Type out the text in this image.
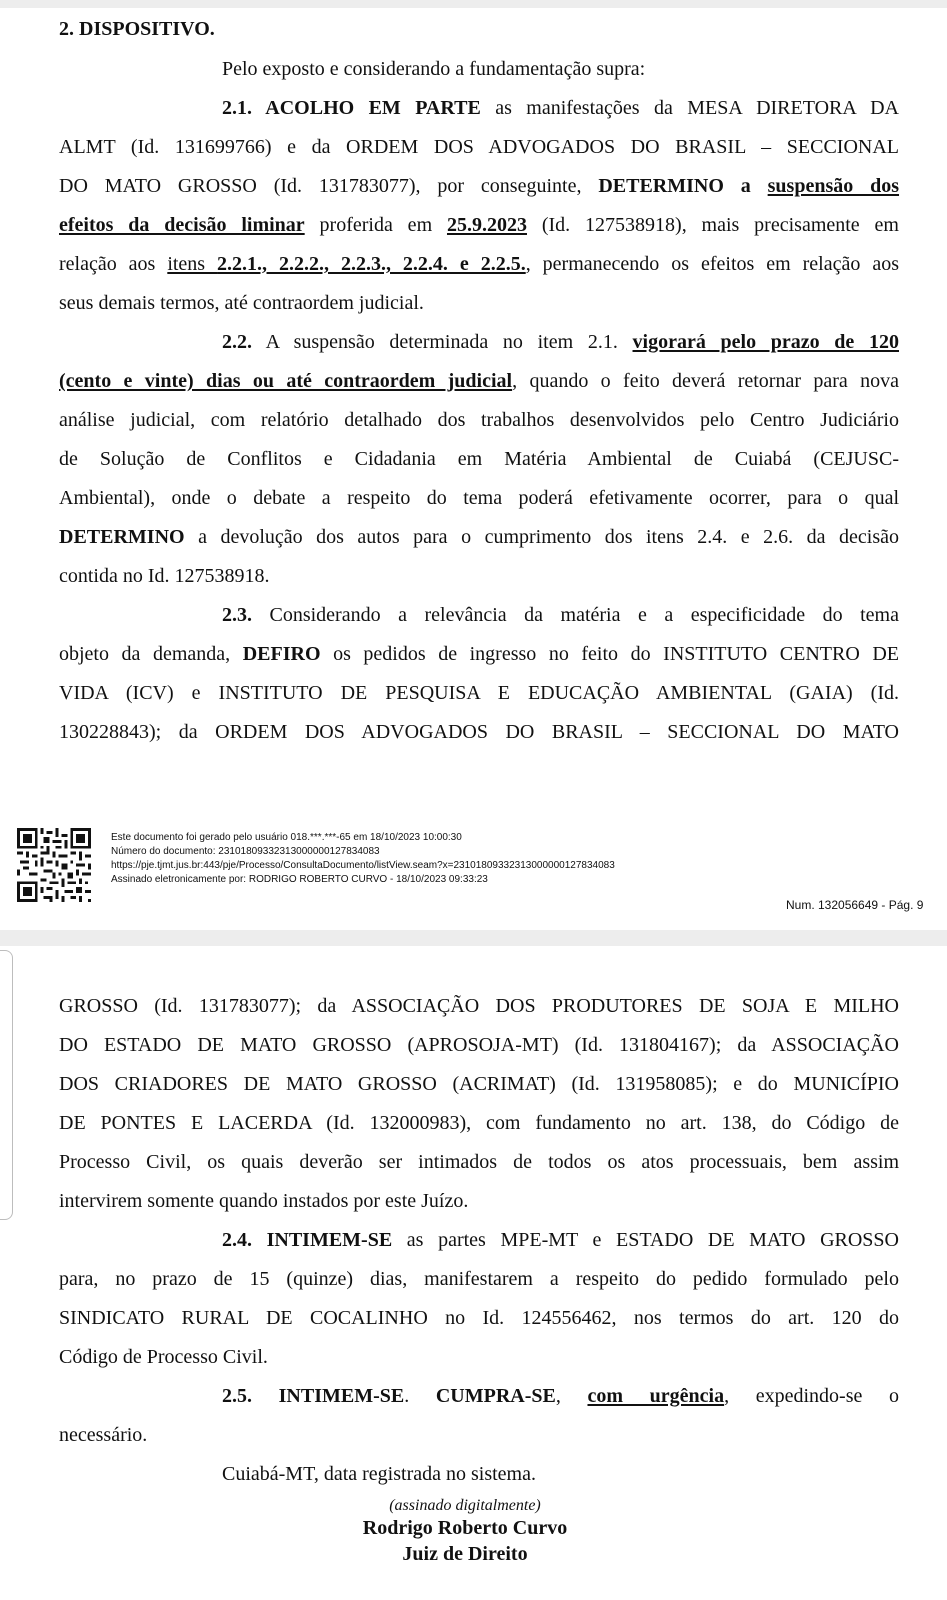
2. DISPOSITIVO.
Pelo exposto e considerando a fundamentação supra:
2.1. ACOLHO EM PARTE as manifestações da MESA DIRETORA DA
ALMT (Id. 131699766) e da ORDEM DOS ADVOGADOS DO BRASIL – SECCIONAL
DO MATO GROSSO (Id. 131783077), por conseguinte, DETERMINO a suspensão dos
efeitos da decisão liminar proferida em 25.9.2023 (Id. 127538918), mais precisamente em
relação aos itens 2.2.1., 2.2.2., 2.2.3., 2.2.4. e 2.2.5., permanecendo os efeitos em relação aos
seus demais termos, até contraordem judicial.
2.2. A suspensão determinada no item 2.1. vigorará pelo prazo de 120
(cento e vinte) dias ou até contraordem judicial, quando o feito deverá retornar para nova
análise judicial, com relatório detalhado dos trabalhos desenvolvidos pelo Centro Judiciário
de Solução de Conflitos e Cidadania em Matéria Ambiental de Cuiabá (CEJUSC-
Ambiental), onde o debate a respeito do tema poderá efetivamente ocorrer, para o qual
DETERMINO a devolução dos autos para o cumprimento dos itens 2.4. e 2.6. da decisão
contida no Id. 127538918.
2.3. Considerando a relevância da matéria e a especificidade do tema
objeto da demanda, DEFIRO os pedidos de ingresso no feito do INSTITUTO CENTRO DE
VIDA (ICV) e INSTITUTO DE PESQUISA E EDUCAÇÃO AMBIENTAL (GAIA) (Id.
130228843); da ORDEM DOS ADVOGADOS DO BRASIL – SECCIONAL DO MATO
Este documento foi gerado pelo usuário 018.***.***-65 em 18/10/2023 10:00:30
Número do documento: 23101809332313000000127834083
https://pje.tjmt.jus.br:443/pje/Processo/ConsultaDocumento/listView.seam?x=23101809332313000000127834083
Assinado eletronicamente por: RODRIGO ROBERTO CURVO - 18/10/2023 09:33:23
Num. 132056649 - Pág. 9
GROSSO (Id. 131783077); da ASSOCIAÇÃO DOS PRODUTORES DE SOJA E MILHO
DO ESTADO DE MATO GROSSO (APROSOJA-MT) (Id. 131804167); da ASSOCIAÇÃO
DOS CRIADORES DE MATO GROSSO (ACRIMAT) (Id. 131958085); e do MUNICÍPIO
DE PONTES E LACERDA (Id. 132000983), com fundamento no art. 138, do Código de
Processo Civil, os quais deverão ser intimados de todos os atos processuais, bem assim
intervirem somente quando instados por este Juízo.
2.4. INTIMEM-SE as partes MPE-MT e ESTADO DE MATO GROSSO
para, no prazo de 15 (quinze) dias, manifestarem a respeito do pedido formulado pelo
SINDICATO RURAL DE COCALINHO no Id. 124556462, nos termos do art. 120 do
Código de Processo Civil.
2.5. INTIMEM-SE. CUMPRA-SE, com urgência, expedindo-se o
necessário.
Cuiabá-MT, data registrada no sistema.
(assinado digitalmente)
Rodrigo Roberto Curvo
Juiz de Direito
